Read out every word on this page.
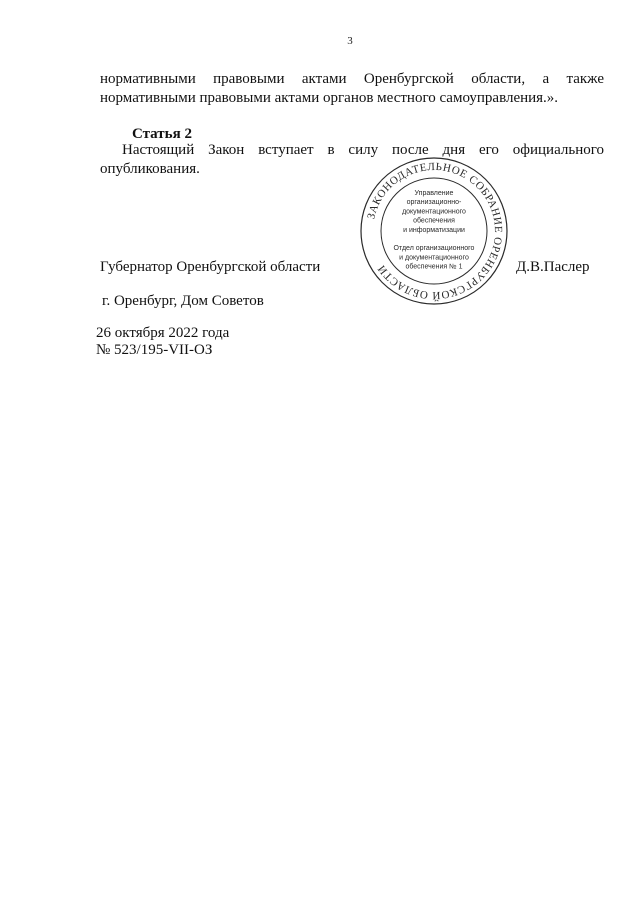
3
нормативными правовыми актами Оренбургской области, а также
нормативными правовыми актами органов местного самоуправления.».
Статья 2
Настоящий Закон вступает в силу после дня его официального
опубликования.
Губернатор Оренбургской области	Д.В.Паслер
г. Оренбург, Дом Советов
26 октября 2022 года
№ 523/195-VII-ОЗ
ЗАКОНОДАТЕЛЬНОЕ СОБРАНИЕ ОРЕНБУРГСКОЙ ОБЛАСТИ
Управление
организационно-
документационного
обеспечения
и информатизации
Отдел организационного
и документационного
обеспечения № 1
